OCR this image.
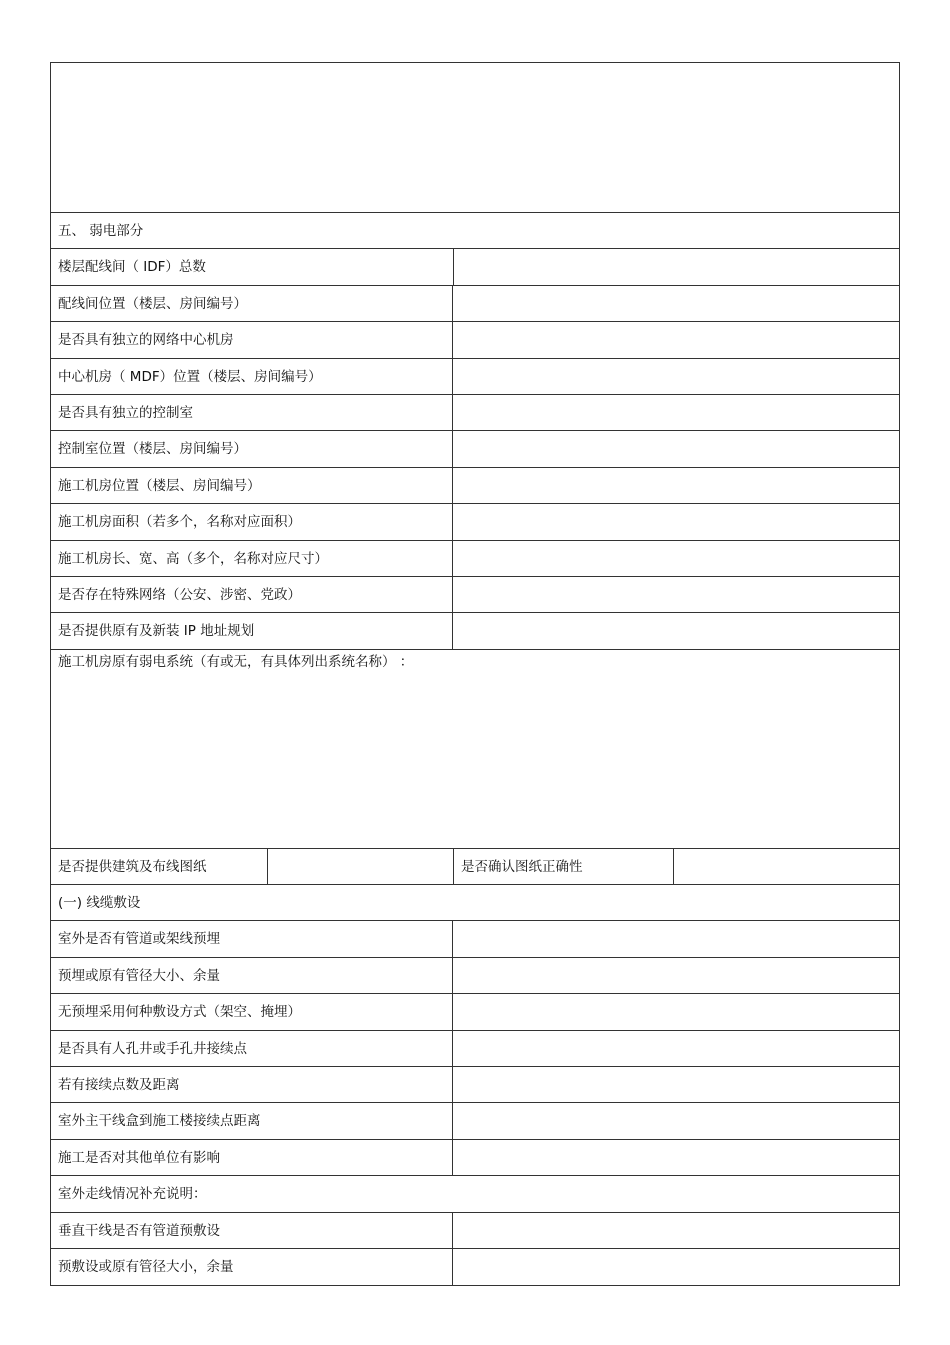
五、 弱电部分
楼层配线间（ IDF）总数
配线间位置（楼层、房间编号）
是否具有独立的网络中心机房
中心机房（ MDF）位置（楼层、房间编号）
是否具有独立的控制室
控制室位置（楼层、房间编号）
施工机房位置（楼层、房间编号）
施工机房面积（若多个，名称对应面积）
施工机房长、宽、高（多个，名称对应尺寸）
是否存在特殊网络（公安、涉密、党政）
是否提供原有及新装 IP 地址规划
施工机房原有弱电系统（有或无，有具体列出系统名称） ：
是否提供建筑及布线图纸	是否确认图纸正确性
(一) 线缆敷设
室外是否有管道或架线预埋
预埋或原有管径大小、余量
无预埋采用何种敷设方式（架空、掩埋）
是否具有人孔井或手孔井接续点
若有接续点数及距离
室外主干线盒到施工楼接续点距离
施工是否对其他单位有影响
室外走线情况补充说明：
垂直干线是否有管道预敷设
预敷设或原有管径大小，余量
